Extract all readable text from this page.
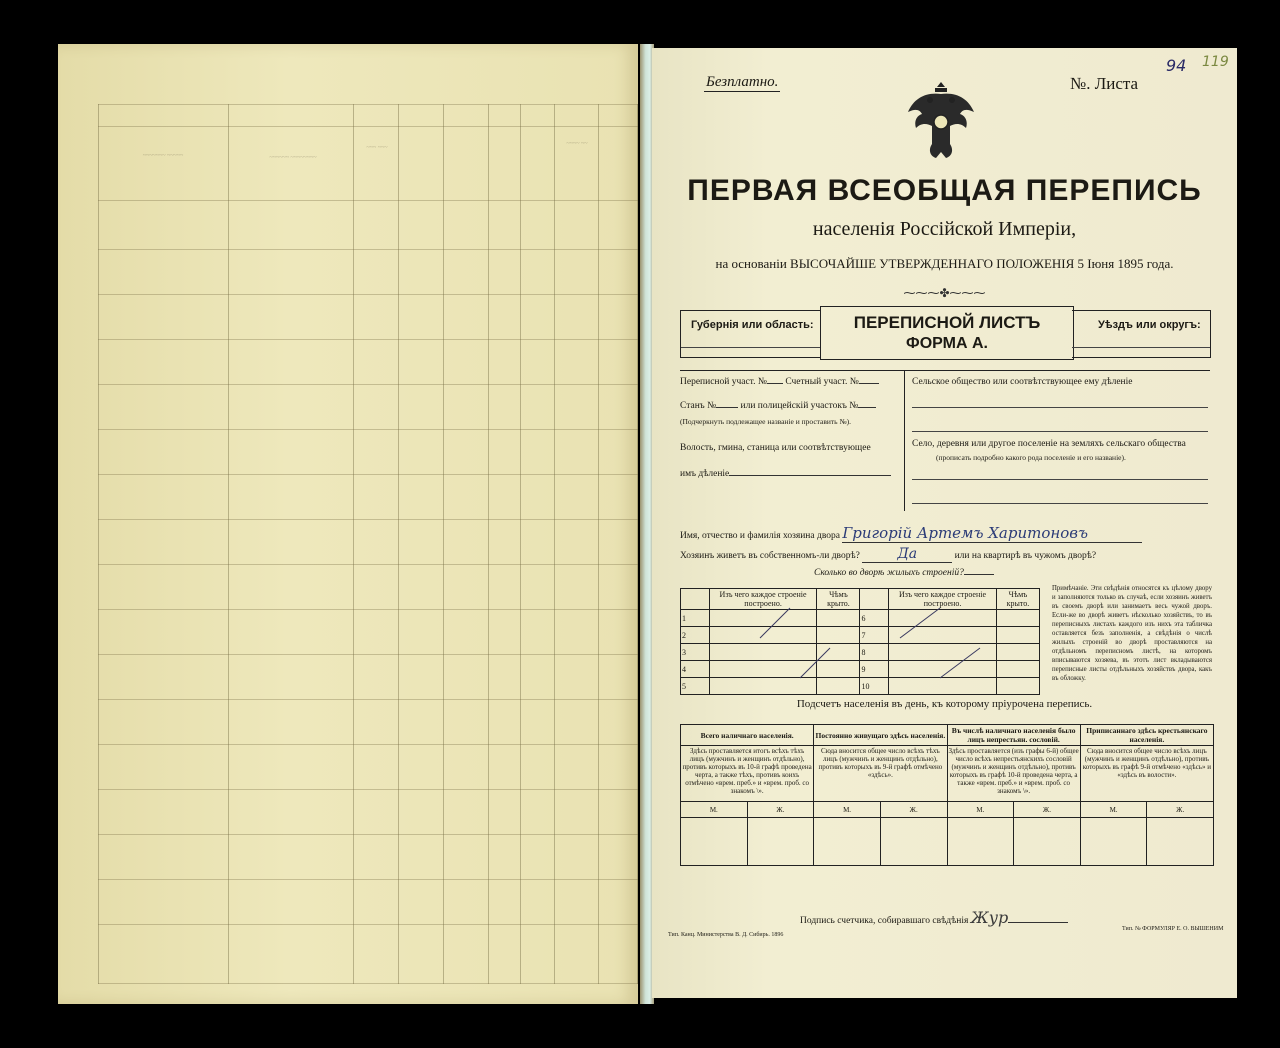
~~~~~~~ ~~~~~	~~~~~~ ~~~~~~~~
~~~ ~~~
~~~~ ~~
Безплатно.	№. Листа
94 119
ПЕРВАЯ ВСЕОБЩАЯ ПЕРЕПИСЬ
населенія Россійской Имперіи,
на основаніи ВЫСОЧАЙШЕ УТВЕРЖДЕННАГО ПОЛОЖЕНІЯ 5 Іюня 1895 года.
⁓⁓⁓✤⁓⁓⁓
Губернія или область:	ПЕРЕПИСНОЙ ЛИСТЪ
ФОРМА А.
Уѣздъ или округъ:
Переписной участ. № Счетный участ. №
Станъ №	или полицейскій участокъ №
(Подчеркнуть подлежащее названіе и проставить №).
Волость, гмина, станица или соотвѣтствующее
имъ дѣленіе
Сельское общество или соотвѣтствующее ему дѣленіе
Село, деревня или другое поселеніе на земляхъ сельскаго общества
(прописать подробно какого рода поселеніе и его названіе).
Имя, отчество и фамилія хозяина двора Григорій Артемъ Харитоновъ
Хозяинъ живетъ въ собственномъ-ли дворѣ?	Да	или на квартирѣ въ чужомъ дворѣ?
Сколько во дворѣ жилыхъ строеній?
	Изъ чего каждое строеніе построено.	Чѣмъ крыто.		Изъ чего каждое строеніе построено.	Чѣмъ крыто.
1			6		
2			7		
3			8		
4			9		
5			10		
Примѣчаніе. Эти свѣдѣнія относятся къ цѣлому двору и заполняются только въ случаѣ, если хозяинъ живетъ въ своемъ дворѣ или занимаетъ весь чужой дворъ. Если-же во дворѣ живетъ нѣсколько хозяйствъ, то въ переписныхъ листахъ каждого изъ нихъ эта табличка оставляется безъ заполненія, а свѣдѣнія о числѣ жилыхъ строеній во дворѣ проставляются на отдѣльномъ переписномъ листѣ, на которомъ вписываются хозяева, въ этотъ лист вкладываются переписные листы отдѣльныхъ хозяйствъ двора, какъ въ обложку.
Подсчетъ населенія въ день, къ которому пріурочена перепись.
Всего наличнаго населенія.		Постоянно живущаго здѣсь населенія.		Въ числѣ наличнаго населенія было лицъ непрестьян. сословій.		Приписаннаго здѣсь крестьянскаго населенія.	
Здѣсь проставляется итогъ всѣхъ тѣхъ лицъ (мужчинъ и женщинъ отдѣльно), противъ которыхъ въ 10-й графѣ проведена черта, а также тѣхъ, противъ коихъ отмѣчено «врем. преб.» и «врем. проб. со знакомъ \».		Сюда вносится общее число всѣхъ тѣхъ лицъ (мужчинъ и женщинъ отдѣльно), противъ которыхъ въ 9-й графѣ отмѣчено «здѣсь».		Здѣсь проставляется (изъ графы 6-й) общее число всѣхъ непрестьянскихъ сословій (мужчинъ и женщинъ отдѣльно), противъ которыхъ въ графѣ 10-й проведена черта, а также «врем. преб.» и «врем. проб. со знакомъ \».		Сюда вносится общее число всѣхъ лицъ (мужчинъ и женщинъ отдѣльно), противъ которыхъ въ графѣ 9-й отмѣчено «здѣсь» и «здѣсь въ волости».	
М.	Ж.	М.	Ж.	М.	Ж.	М.	Ж.

Подпись счетчика, собиравшаго свѣдѣнія Жур
Тип. Канц. Министерства В. Д. Сибирь. 1896
Тип. № ФОРМУЛЯР Е. О. ВЫШЕНИМ
